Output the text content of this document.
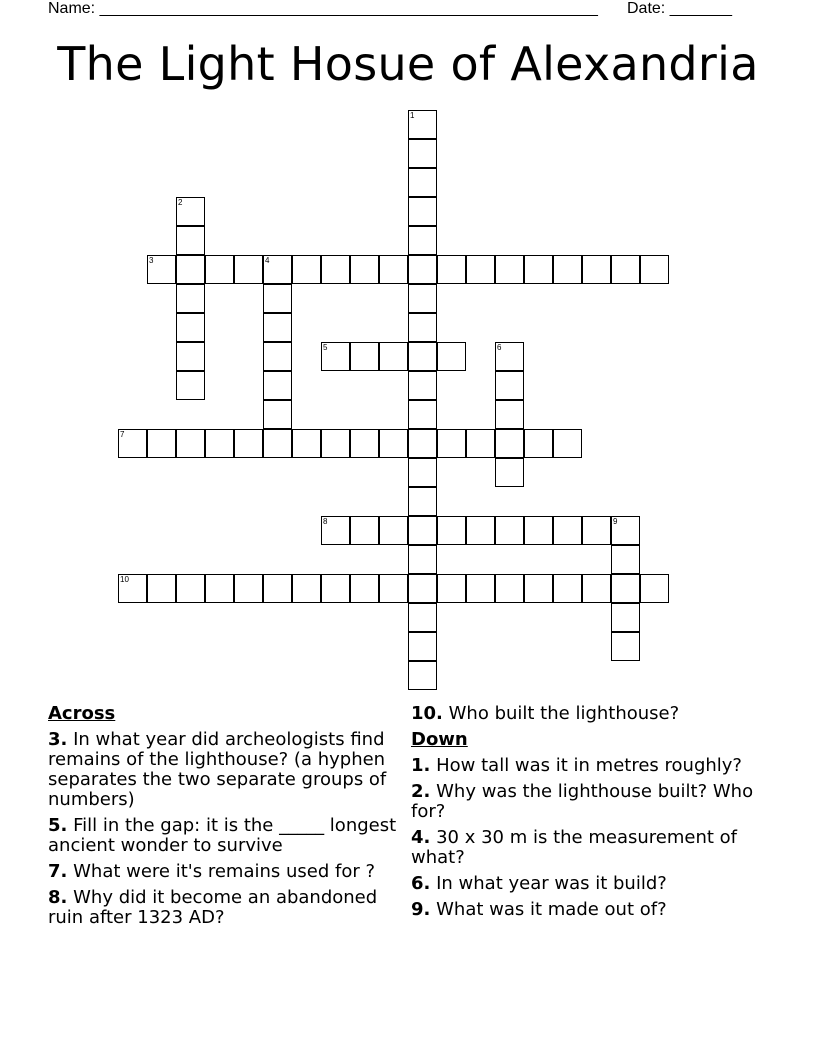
Name: ________________________________________________________ Date: _______
The Light Hosue of Alexandria
1
2
3	4
5	6
7
8	9
10
Across
3. In what year did archeologists find remains of the lighthouse? (a hyphen separates the two separate groups of numbers)
5. Fill in the gap: it is the _____ longest ancient wonder to survive
7. What were it's remains used for ?
8. Why did it become an abandoned ruin after 1323 AD?
10. Who built the lighthouse?
Down
1. How tall was it in metres roughly?
2. Why was the lighthouse built? Who for?
4. 30 x 30 m is the measurement of what?
6. In what year was it build?
9. What was it made out of?
